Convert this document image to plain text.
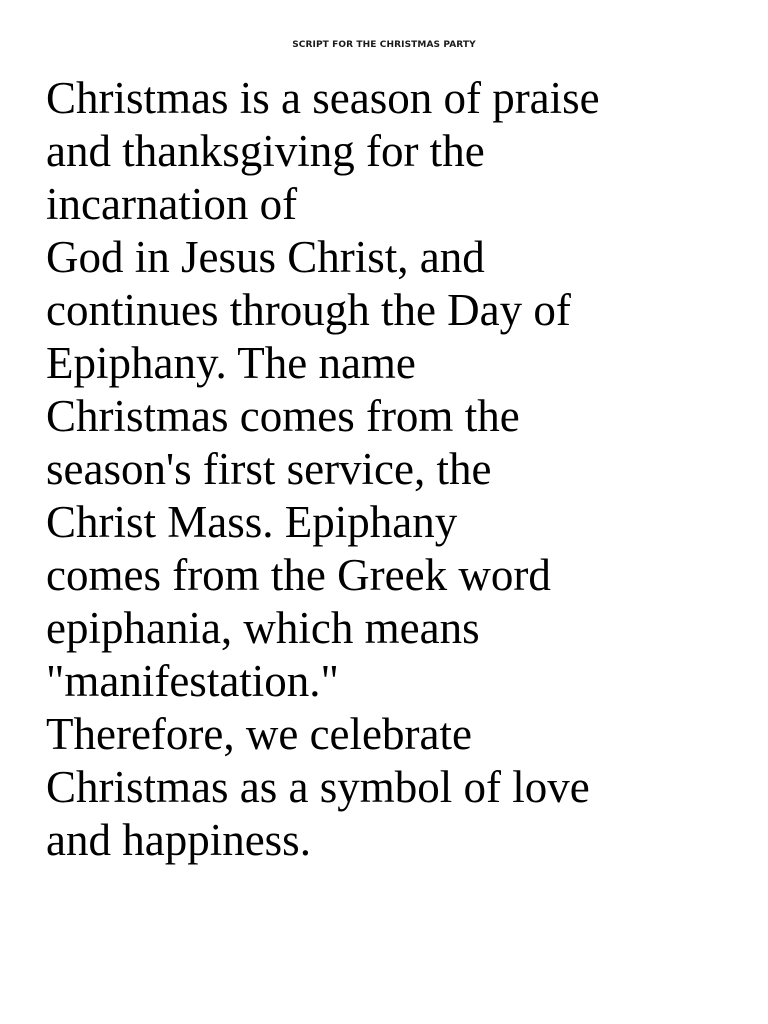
SCRIPT FOR THE CHRISTMAS PARTY
Christmas is a season of praise
and thanksgiving for the
incarnation of
God in Jesus Christ, and
continues through the Day of
Epiphany. The name
Christmas comes from the
season's first service, the
Christ Mass. Epiphany
comes from the Greek word
epiphania, which means
"manifestation."
Therefore, we celebrate
Christmas as a symbol of love
and happiness.
